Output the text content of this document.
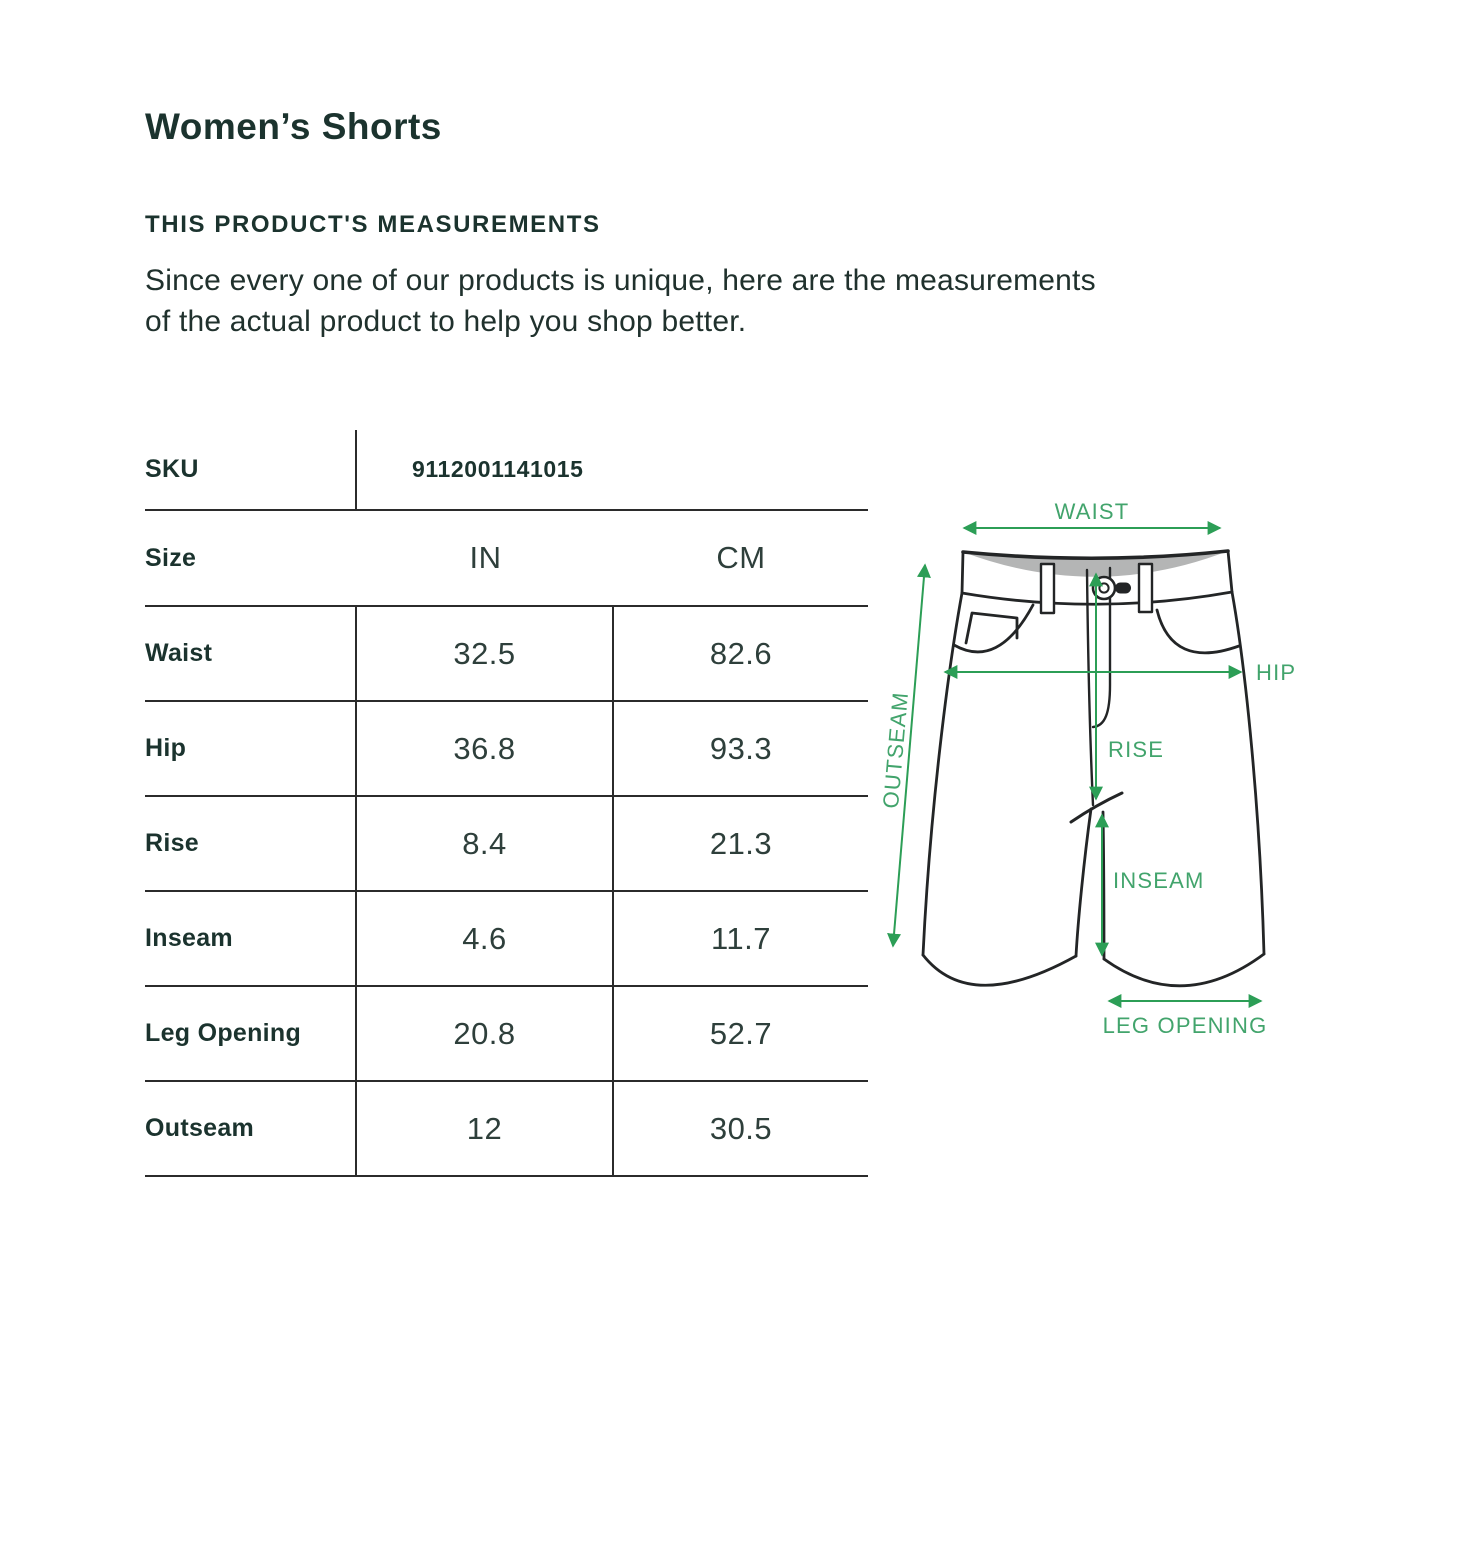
Women’s Shorts
THIS PRODUCT'S MEASUREMENTS
Since every one of our products is unique, here are the measurements
of the actual product to help you shop better.
SKU	9112001141015
Size	IN	CM
Waist	32.5	82.6
Hip	36.8	93.3
Rise	8.4	21.3
Inseam	4.6	11.7
Leg Opening	20.8	52.7
Outseam	12	30.5
WAIST
OUTSEAM
HIP
RISE
INSEAM
LEG OPENING
